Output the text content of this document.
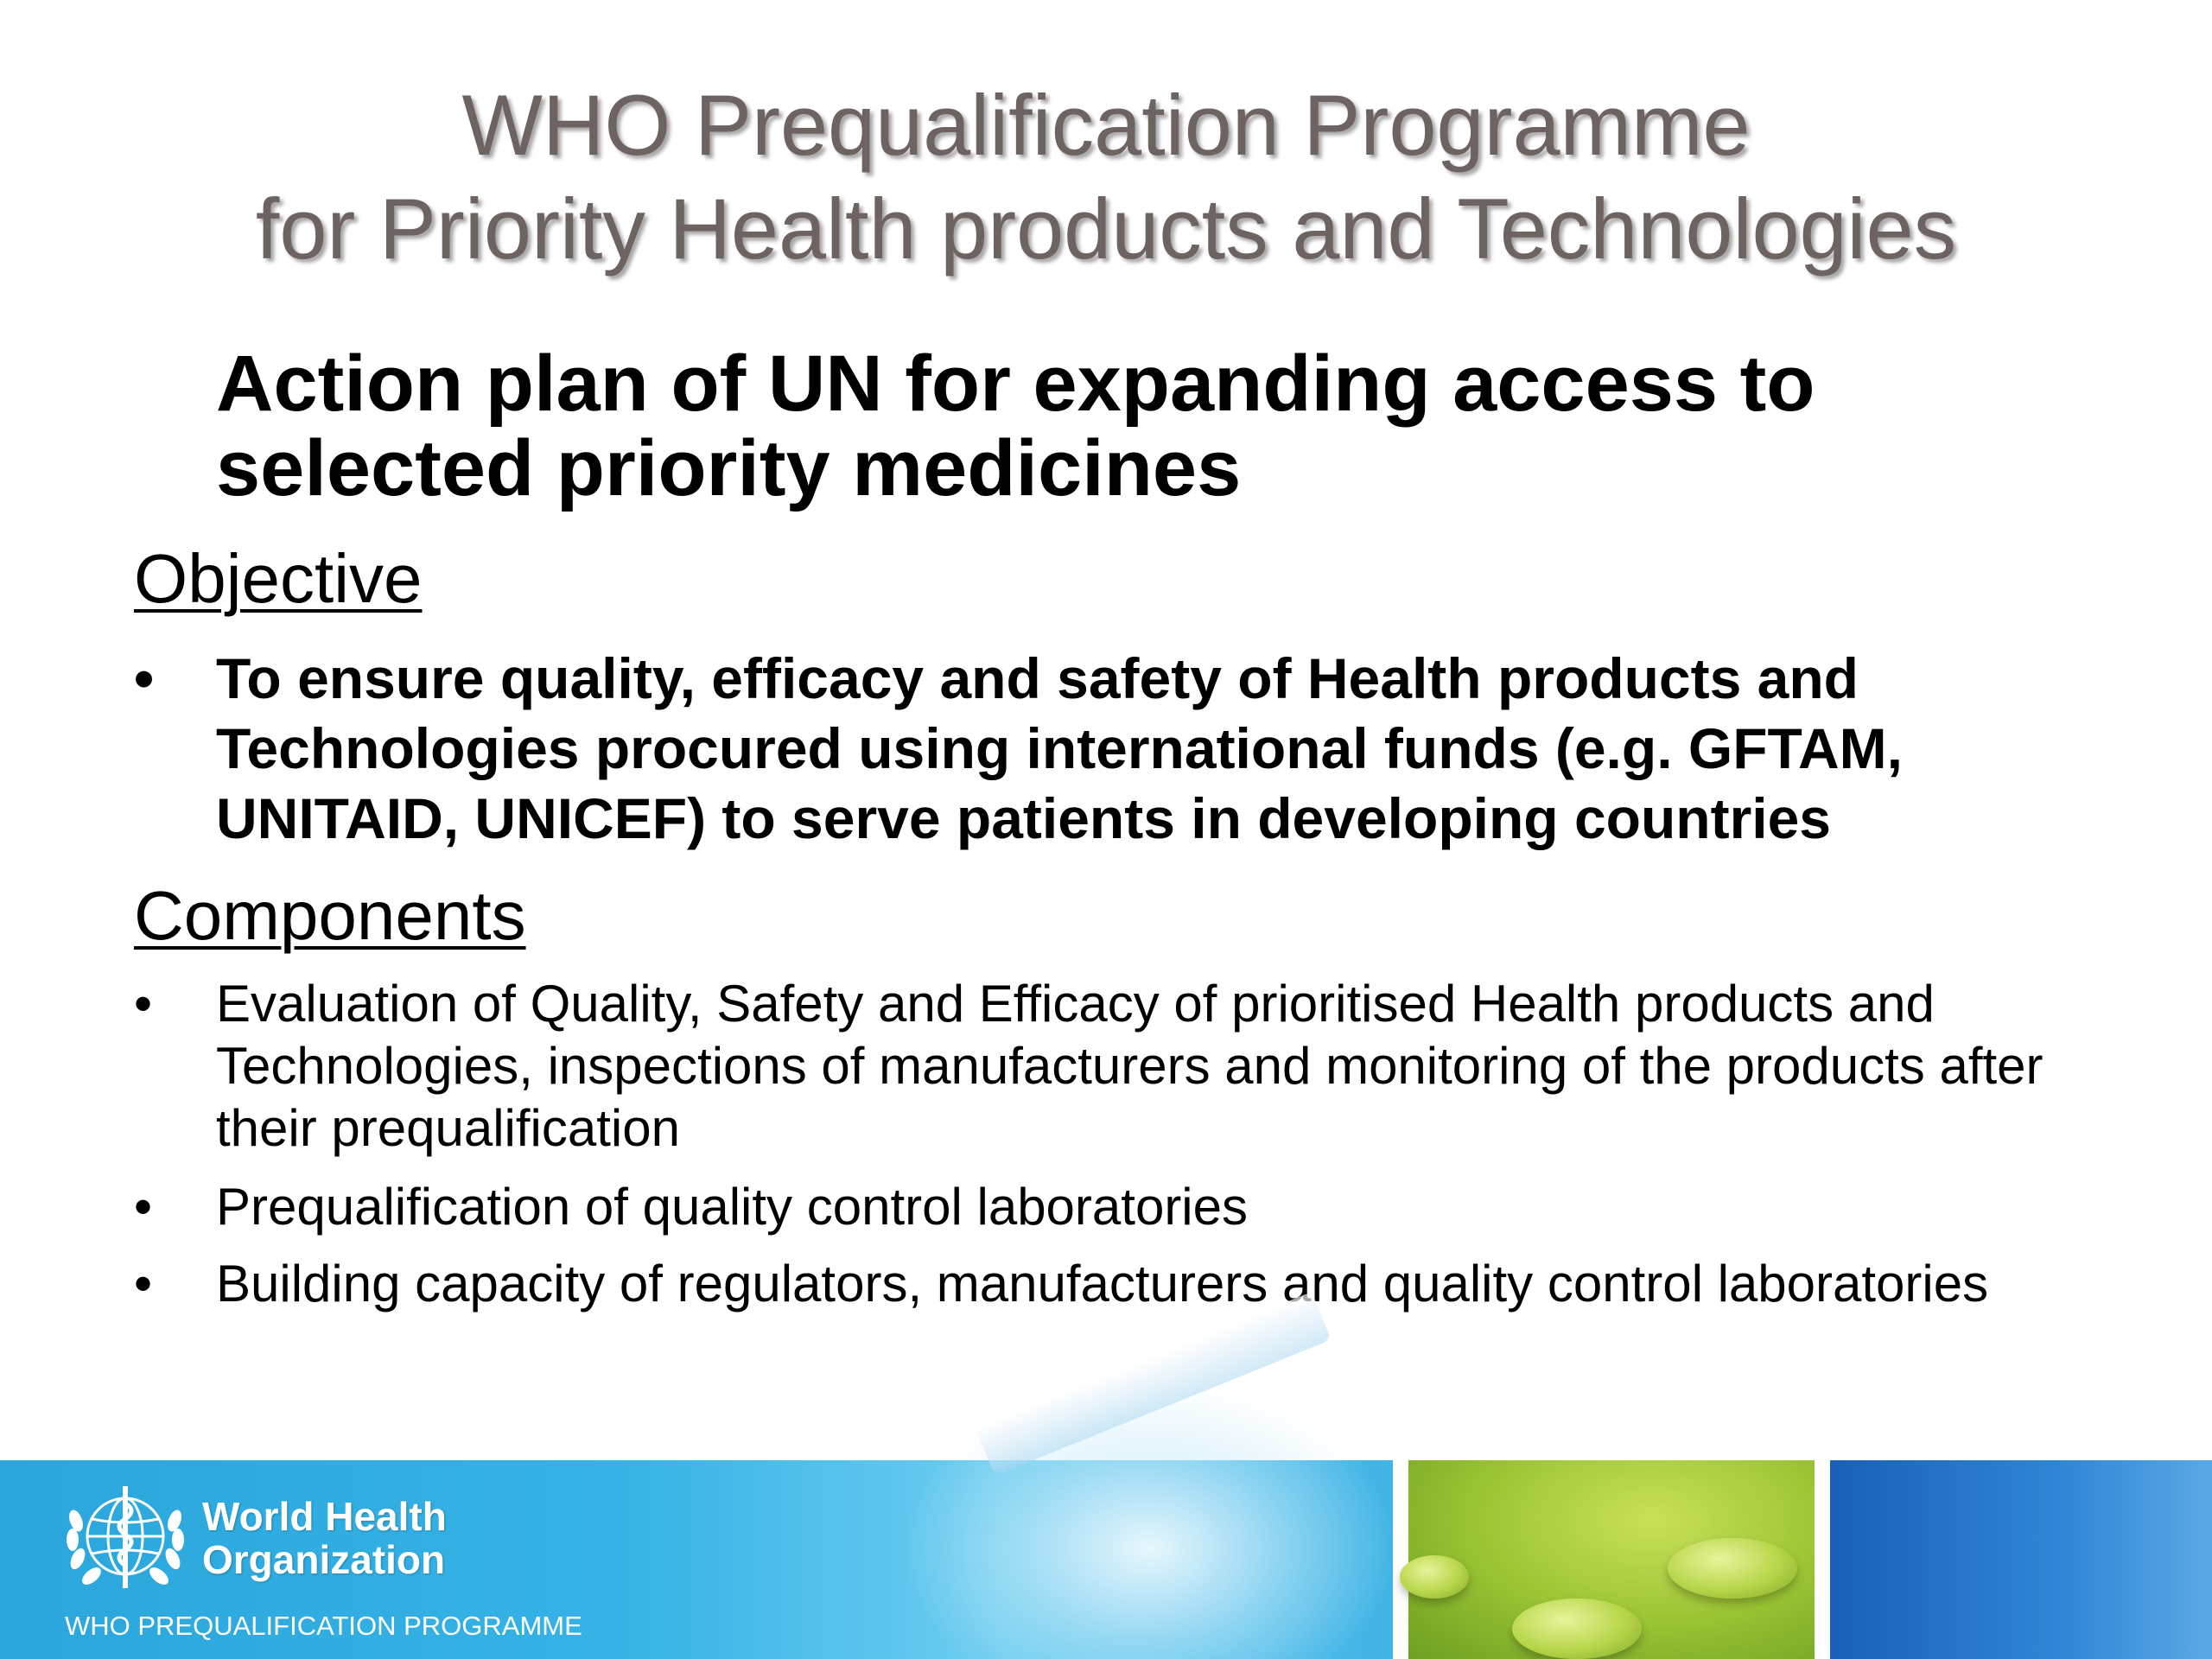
WHO Prequalification Programme
for Priority Health products and Technologies
Action plan of UN for expanding access to
selected priority medicines
Objective
•	To ensure quality, efficacy and safety of Health products and Technologies procured using international funds (e.g. GFTAM, UNITAID, UNICEF) to serve patients in developing countries
Components
•	Evaluation of Quality, Safety and Efficacy of prioritised Health products and Technologies, inspections of manufacturers and monitoring of the products after their prequalification
•	Prequalification of quality control laboratories
•	Building capacity of regulators, manufacturers and quality control laboratories
World Health
Organization
WHO PREQUALIFICATION PROGRAMME
